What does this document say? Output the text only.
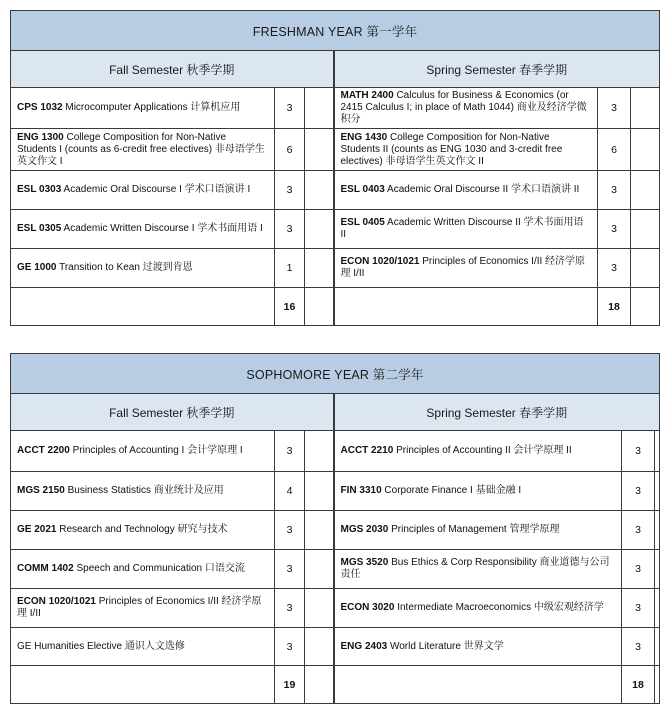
FRESHMAN YEAR 第一学年					
Fall Semester 秋季学期			Spring Semester 春季学期		
CPS 1032 Microcomputer Applications 计算机应用	3		MATH 2400 Calculus for Business & Economics (or 2415 Calculus I; in place of Math 1044) 商业及经济学微积分	3	
ENG 1300 College Composition for Non-Native Students I (counts as 6-credit free electives) 非母语学生英文作文 I	6		ENG 1430 College Composition for Non-Native Students II (counts as ENG 1030 and 3-credit free electives) 非母语学生英文作文 II	6	
ESL 0303 Academic Oral Discourse I 学术口语演讲 I	3		ESL 0403 Academic Oral Discourse II 学术口语演讲 II	3	
ESL 0305 Academic Written Discourse I 学术书面用语 I	3		ESL 0405 Academic Written Discourse II 学术书面用语 II	3	
GE 1000 Transition to Kean 过渡到肯恩	1		ECON 1020/1021 Principles of Economics I/II 经济学原理 I/II	3	
	16			18	
SOPHOMORE YEAR 第二学年					
Fall Semester 秋季学期			Spring Semester 春季学期		
ACCT 2200 Principles of Accounting I 会计学原理 I	3		ACCT 2210 Principles of Accounting II 会计学原理 II	3	
MGS 2150 Business Statistics 商业统计及应用	4		FIN 3310 Corporate Finance I 基础金融 I	3	
GE 2021 Research and Technology 研究与技术	3		MGS 2030 Principles of Management 管理学原理	3	
COMM 1402 Speech and Communication 口语交流	3		MGS 3520 Bus Ethics & Corp Responsibility 商业道德与公司责任	3	
ECON 1020/1021 Principles of Economics I/II 经济学原理 I/II	3		ECON 3020 Intermediate Macroeconomics 中级宏观经济学	3	
GE Humanities Elective 通识人文选修	3		ENG 2403 World Literature 世界文学	3	
	19			18	
